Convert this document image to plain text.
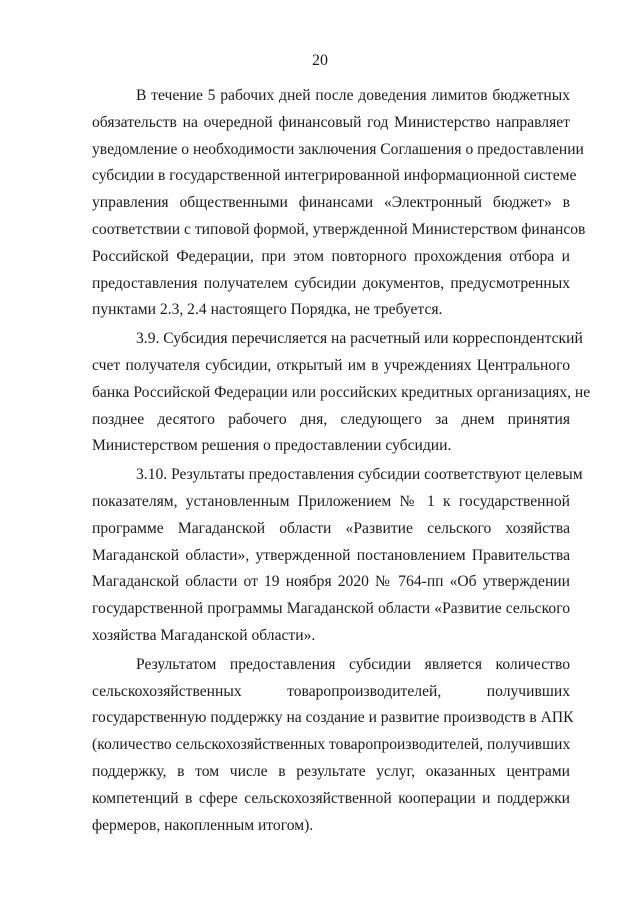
20

В течение 5 рабочих дней после доведения лимитов бюджетных
обязательств на очередной финансовый год Министерство направляет
уведомление о необходимости заключения Соглашения о предоставлении
субсидии в государственной интегрированной информационной системе
управления общественными финансами «Электронный бюджет» в
соответствии с типовой формой, утвержденной Министерством финансов
Российской Федерации, при этом повторного прохождения отбора и
предоставления получателем субсидии документов, предусмотренных
пунктами 2.3, 2.4 настоящего Порядка, не требуется.

3.9. Субсидия перечисляется на расчетный или корреспондентский
счет получателя субсидии, открытый им в учреждениях Центрального
банка Российской Федерации или российских кредитных организациях, не
позднее десятого рабочего дня, следующего за днем принятия
Министерством решения о предоставлении субсидии.

3.10. Результаты предоставления субсидии соответствуют целевым
показателям, установленным Приложением № 1 к государственной
программе Магаданской области «Развитие сельского хозяйства
Магаданской области», утвержденной постановлением Правительства
Магаданской области от 19 ноября 2020 № 764-пп «Об утверждении
государственной программы Магаданской области «Развитие сельского
хозяйства Магаданской области».

Результатом предоставления субсидии является количество
сельскохозяйственных товаропроизводителей, получивших
государственную поддержку на создание и развитие производств в АПК
(количество сельскохозяйственных товаропроизводителей, получивших
поддержку, в том числе в результате услуг, оказанных центрами
компетенций в сфере сельскохозяйственной кооперации и поддержки
фермеров, накопленным итогом).
